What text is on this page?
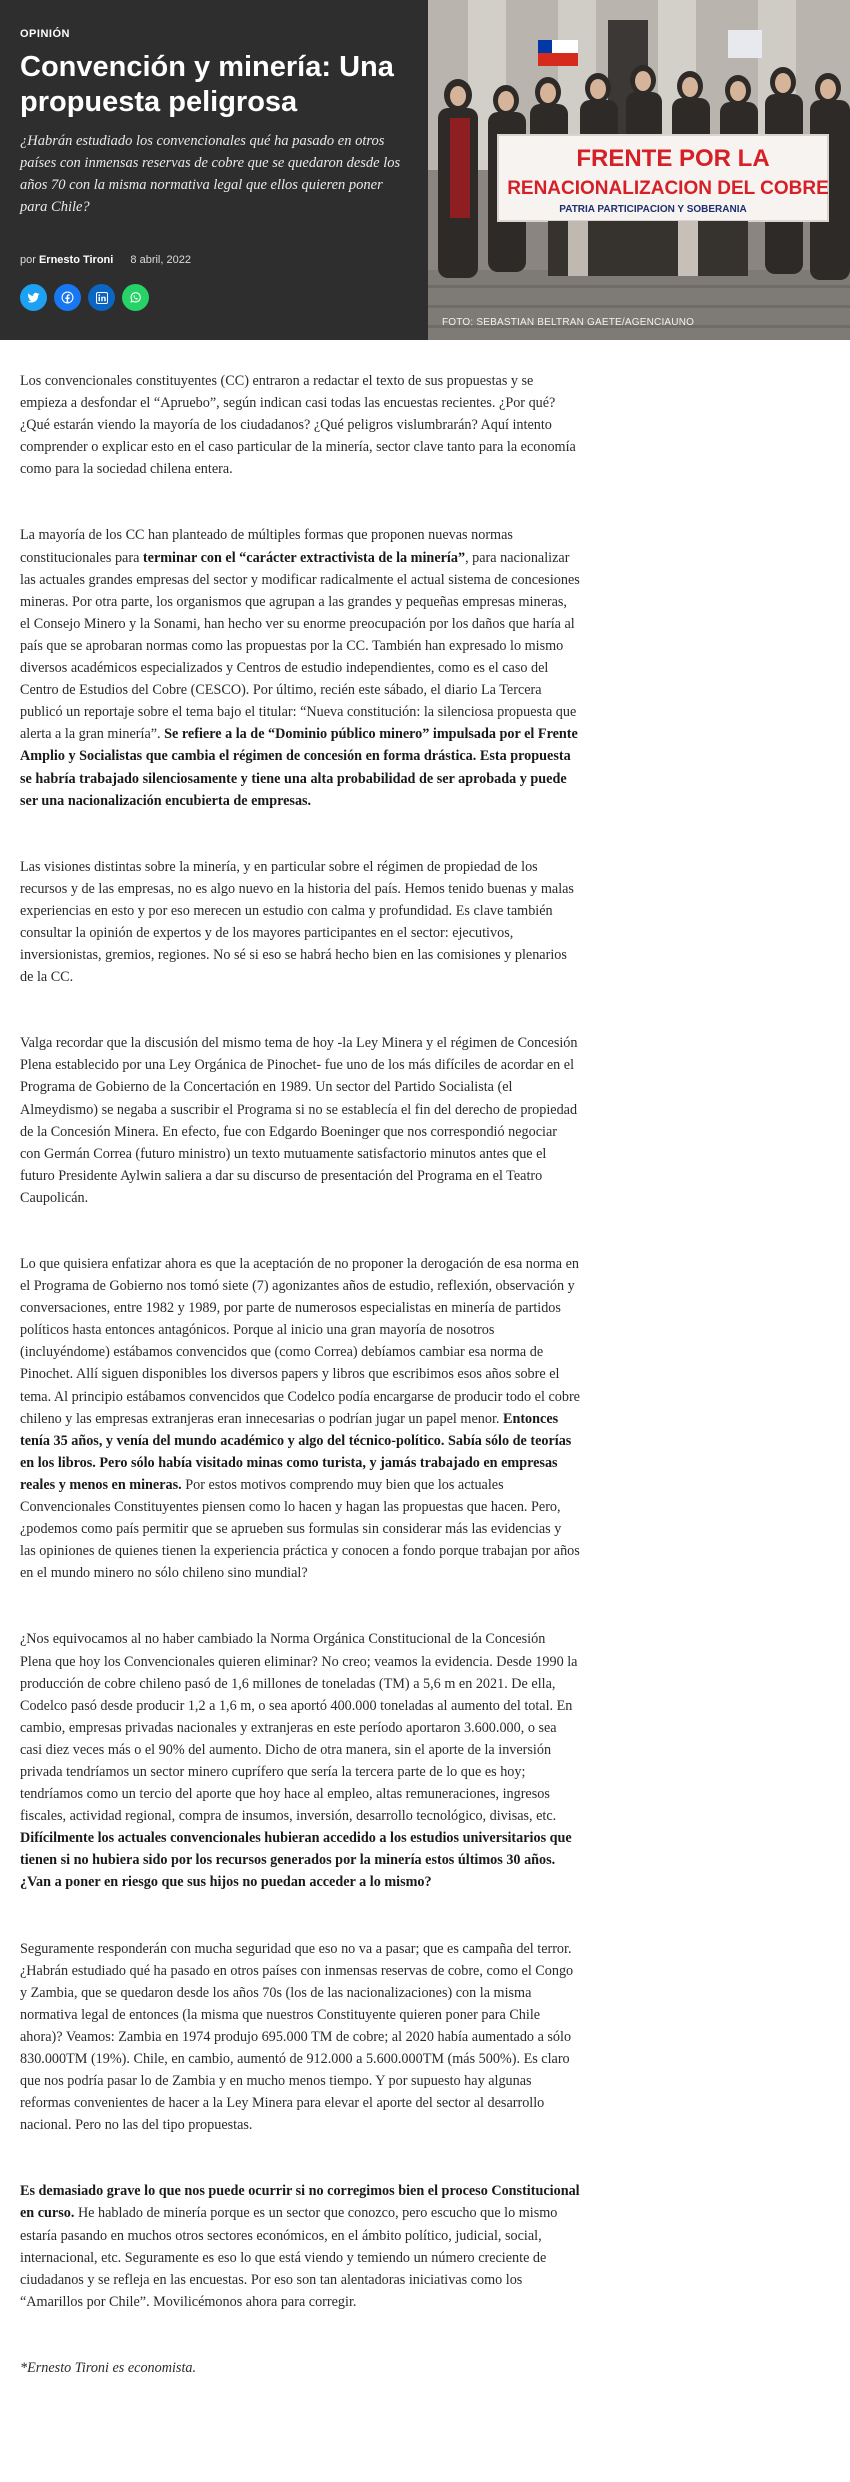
OPINIÓN
Convención y minería: Una propuesta peligrosa
¿Habrán estudiado los convencionales qué ha pasado en otros países con inmensas reservas de cobre que se quedaron desde los años 70 con la misma normativa legal que ellos quieren poner para Chile?
por Ernesto Tironi 8 abril, 2022
FRENTE POR LA
RENACIONALIZACION DEL COBRE
PATRIA PARTICIPACION Y SOBERANIA
FOTO: SEBASTIAN BELTRAN GAETE/AGENCIAUNO

Los convencionales constituyentes (CC) entraron a redactar el texto de sus propuestas y se empieza a desfondar el “Apruebo”, según indican casi todas las encuestas recientes. ¿Por qué? ¿Qué estarán viendo la mayoría de los ciudadanos? ¿Qué peligros vislumbrarán? Aquí intento comprender o explicar esto en el caso particular de la minería, sector clave tanto para la economía como para la sociedad chilena entera.

La mayoría de los CC han planteado de múltiples formas que proponen nuevas normas constitucionales para terminar con el “carácter extractivista de la minería”, para nacionalizar las actuales grandes empresas del sector y modificar radicalmente el actual sistema de concesiones mineras. Por otra parte, los organismos que agrupan a las grandes y pequeñas empresas mineras, el Consejo Minero y la Sonami, han hecho ver su enorme preocupación por los daños que haría al país que se aprobaran normas como las propuestas por la CC. También han expresado lo mismo diversos académicos especializados y Centros de estudio independientes, como es el caso del Centro de Estudios del Cobre (CESCO). Por último, recién este sábado, el diario La Tercera publicó un reportaje sobre el tema bajo el titular: “Nueva constitución: la silenciosa propuesta que alerta a la gran minería”. Se refiere a la de “Dominio público minero” impulsada por el Frente Amplio y Socialistas que cambia el régimen de concesión en forma drástica. Esta propuesta se habría trabajado silenciosamente y tiene una alta probabilidad de ser aprobada y puede ser una nacionalización encubierta de empresas.

Las visiones distintas sobre la minería, y en particular sobre el régimen de propiedad de los recursos y de las empresas, no es algo nuevo en la historia del país. Hemos tenido buenas y malas experiencias en esto y por eso merecen un estudio con calma y profundidad. Es clave también consultar la opinión de expertos y de los mayores participantes en el sector: ejecutivos, inversionistas, gremios, regiones. No sé si eso se habrá hecho bien en las comisiones y plenarios de la CC.

Valga recordar que la discusión del mismo tema de hoy -la Ley Minera y el régimen de Concesión Plena establecido por una Ley Orgánica de Pinochet- fue uno de los más difíciles de acordar en el Programa de Gobierno de la Concertación en 1989. Un sector del Partido Socialista (el Almeydismo) se negaba a suscribir el Programa si no se establecía el fin del derecho de propiedad de la Concesión Minera. En efecto, fue con Edgardo Boeninger que nos correspondió negociar con Germán Correa (futuro ministro) un texto mutuamente satisfactorio minutos antes que el futuro Presidente Aylwin saliera a dar su discurso de presentación del Programa en el Teatro Caupolicán.

Lo que quisiera enfatizar ahora es que la aceptación de no proponer la derogación de esa norma en el Programa de Gobierno nos tomó siete (7) agonizantes años de estudio, reflexión, observación y conversaciones, entre 1982 y 1989, por parte de numerosos especialistas en minería de partidos políticos hasta entonces antagónicos. Porque al inicio una gran mayoría de nosotros (incluyéndome) estábamos convencidos que (como Correa) debíamos cambiar esa norma de Pinochet. Allí siguen disponibles los diversos papers y libros que escribimos esos años sobre el tema. Al principio estábamos convencidos que Codelco podía encargarse de producir todo el cobre chileno y las empresas extranjeras eran innecesarias o podrían jugar un papel menor. Entonces tenía 35 años, y venía del mundo académico y algo del técnico-político. Sabía sólo de teorías en los libros. Pero sólo había visitado minas como turista, y jamás trabajado en empresas reales y menos en mineras. Por estos motivos comprendo muy bien que los actuales Convencionales Constituyentes piensen como lo hacen y hagan las propuestas que hacen. Pero, ¿podemos como país permitir que se aprueben sus formulas sin considerar más las evidencias y las opiniones de quienes tienen la experiencia práctica y conocen a fondo porque trabajan por años en el mundo minero no sólo chileno sino mundial?

¿Nos equivocamos al no haber cambiado la Norma Orgánica Constitucional de la Concesión Plena que hoy los Convencionales quieren eliminar? No creo; veamos la evidencia. Desde 1990 la producción de cobre chileno pasó de 1,6 millones de toneladas (TM) a 5,6 m en 2021. De ella, Codelco pasó desde producir 1,2 a 1,6 m, o sea aportó 400.000 toneladas al aumento del total. En cambio, empresas privadas nacionales y extranjeras en este período aportaron 3.600.000, o sea casi diez veces más o el 90% del aumento. Dicho de otra manera, sin el aporte de la inversión privada tendríamos un sector minero cuprífero que sería la tercera parte de lo que es hoy; tendríamos como un tercio del aporte que hoy hace al empleo, altas remuneraciones, ingresos fiscales, actividad regional, compra de insumos, inversión, desarrollo tecnológico, divisas, etc. Difícilmente los actuales convencionales hubieran accedido a los estudios universitarios que tienen si no hubiera sido por los recursos generados por la minería estos últimos 30 años. ¿Van a poner en riesgo que sus hijos no puedan acceder a lo mismo?

Seguramente responderán con mucha seguridad que eso no va a pasar; que es campaña del terror. ¿Habrán estudiado qué ha pasado en otros países con inmensas reservas de cobre, como el Congo y Zambia, que se quedaron desde los años 70s (los de las nacionalizaciones) con la misma normativa legal de entonces (la misma que nuestros Constituyente quieren poner para Chile ahora)? Veamos: Zambia en 1974 produjo 695.000 TM de cobre; al 2020 había aumentado a sólo 830.000TM (19%). Chile, en cambio, aumentó de 912.000 a 5.600.000TM (más 500%). Es claro que nos podría pasar lo de Zambia y en mucho menos tiempo. Y por supuesto hay algunas reformas convenientes de hacer a la Ley Minera para elevar el aporte del sector al desarrollo nacional. Pero no las del tipo propuestas.

Es demasiado grave lo que nos puede ocurrir si no corregimos bien el proceso Constitucional en curso. He hablado de minería porque es un sector que conozco, pero escucho que lo mismo estaría pasando en muchos otros sectores económicos, en el ámbito político, judicial, social, internacional, etc. Seguramente es eso lo que está viendo y temiendo un número creciente de ciudadanos y se refleja en las encuestas. Por eso son tan alentadoras iniciativas como los “Amarillos por Chile”. Movilicémonos ahora para corregir.

*Ernesto Tironi es economista.
